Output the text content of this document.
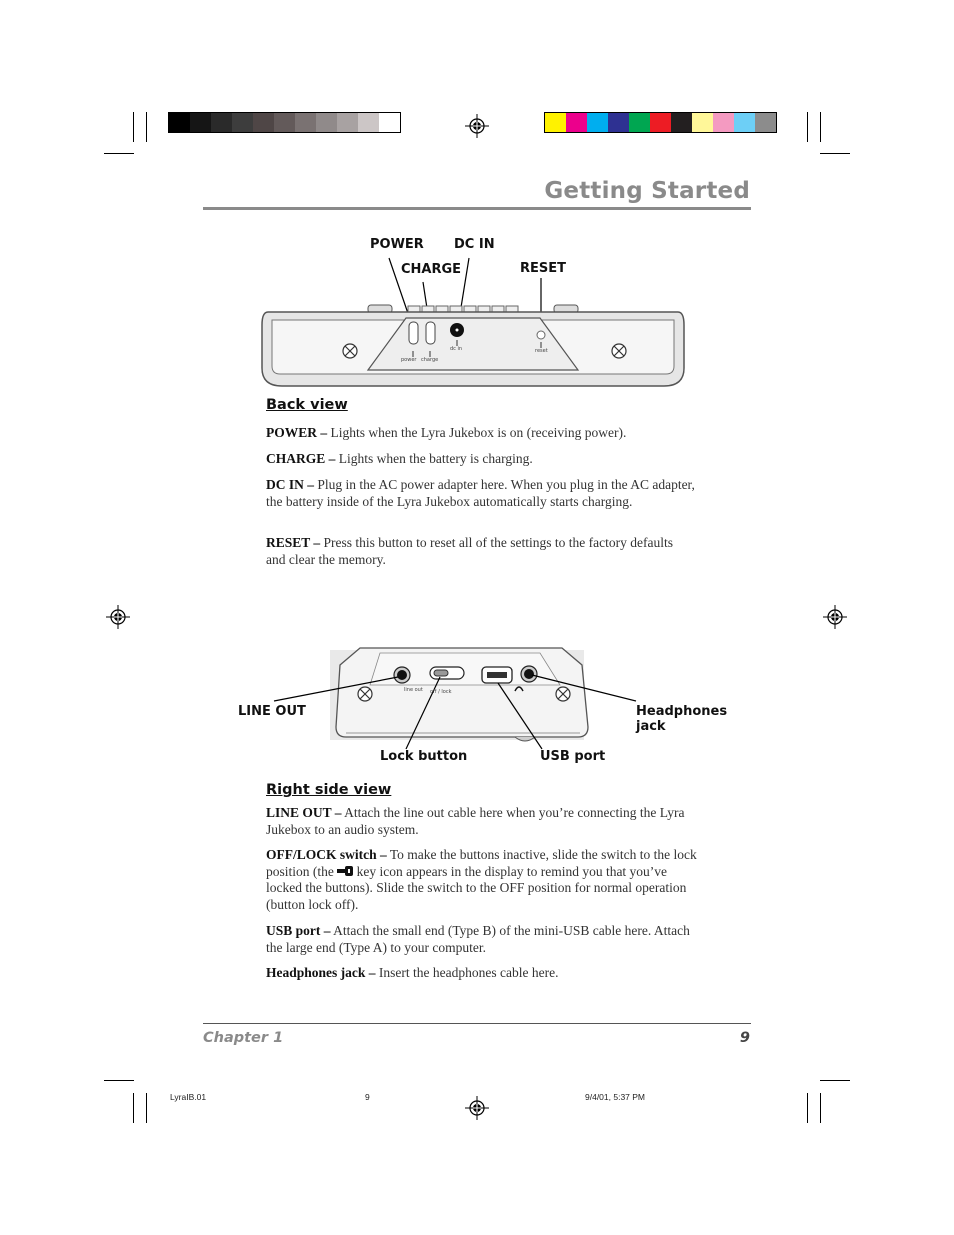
Getting Started
POWER DC IN
CHARGE	RESET
power charge
dc in	reset
Back view
POWER – Lights when the Lyra Jukebox is on (receiving power).
CHARGE – Lights when the battery is charging.
DC IN – Plug in the AC power adapter here. When you plug in the AC adapter, the battery inside of the Lyra Jukebox automatically starts charging.
RESET – Press this button to reset all of the settings to the factory defaults and clear the memory.
line out off / lock
LINE OUT	Headphones
jack
Lock button	USB port
Right side view
LINE OUT – Attach the line out cable here when you’re connecting the Lyra Jukebox to an audio system.
OFF/LOCK switch – To make the buttons inactive, slide the switch to the lock position (the  key icon appears in the display to remind you that you’ve locked the buttons). Slide the switch to the OFF position for normal operation (button lock off).
USB port – Attach the small end (Type B) of the mini-USB cable here. Attach the large end (Type A) to your computer.
Headphones jack – Insert the headphones cable here.
Chapter 1	9
LyraIB.01	9	9/4/01, 5:37 PM
